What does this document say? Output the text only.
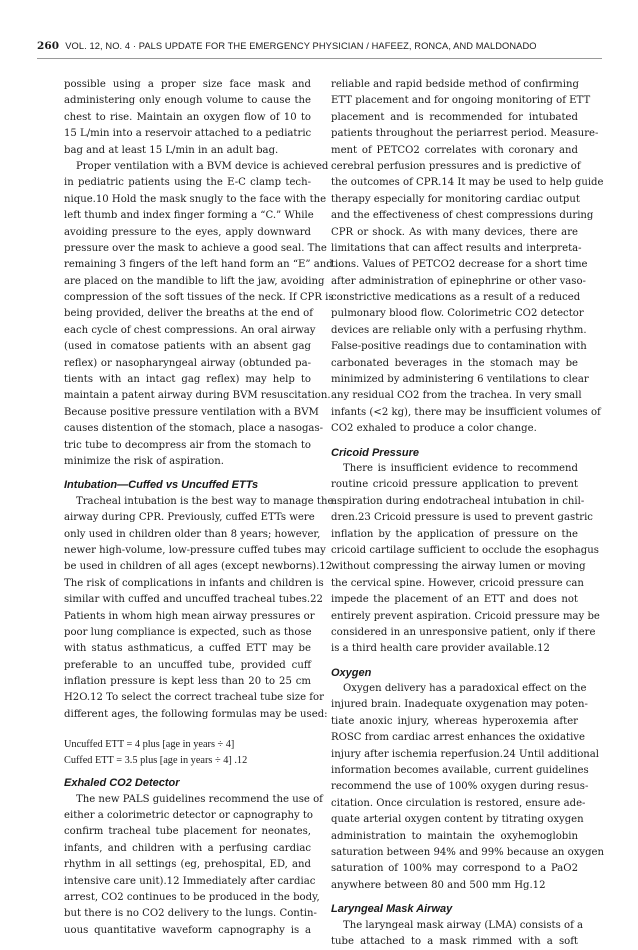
260 VOL. 12, NO. 4 · PALS UPDATE FOR THE EMERGENCY PHYSICIAN / HAFEEZ, RONCA, AND MALDONADO
possible using a proper size face mask and
administering only enough volume to cause the
chest to rise. Maintain an oxygen flow of 10 to
15 L/min into a reservoir attached to a pediatric
bag and at least 15 L/min in an adult bag.
Proper ventilation with a BVM device is achieved
in pediatric patients using the E-C clamp tech-
nique.10 Hold the mask snugly to the face with the
left thumb and index finger forming a “C.” While
avoiding pressure to the eyes, apply downward
pressure over the mask to achieve a good seal. The
remaining 3 fingers of the left hand form an “E” and
are placed on the mandible to lift the jaw, avoiding
compression of the soft tissues of the neck. If CPR is
being provided, deliver the breaths at the end of
each cycle of chest compressions. An oral airway
(used in comatose patients with an absent gag
reflex) or nasopharyngeal airway (obtunded pa-
tients with an intact gag reflex) may help to
maintain a patent airway during BVM resuscitation.
Because positive pressure ventilation with a BVM
causes distention of the stomach, place a nasogas-
tric tube to decompress air from the stomach to
minimize the risk of aspiration.
Intubation—Cuffed vs Uncuffed ETTs
Tracheal intubation is the best way to manage the
airway during CPR. Previously, cuffed ETTs were
only used in children older than 8 years; however,
newer high-volume, low-pressure cuffed tubes may
be used in children of all ages (except newborns).12
The risk of complications in infants and children is
similar with cuffed and uncuffed tracheal tubes.22
Patients in whom high mean airway pressures or
poor lung compliance is expected, such as those
with status asthmaticus, a cuffed ETT may be
preferable to an uncuffed tube, provided cuff
inflation pressure is kept less than 20 to 25 cm
H2O.12 To select the correct tracheal tube size for
different ages, the following formulas may be used:
Uncuffed ETT = 4 plus [age in years ÷ 4]
Cuffed ETT = 3.5 plus [age in years ÷ 4] .12
Exhaled CO2 Detector
The new PALS guidelines recommend the use of
either a colorimetric detector or capnography to
confirm tracheal tube placement for neonates,
infants, and children with a perfusing cardiac
rhythm in all settings (eg, prehospital, ED, and
intensive care unit).12 Immediately after cardiac
arrest, CO2 continues to be produced in the body,
but there is no CO2 delivery to the lungs. Contin-
uous quantitative waveform capnography is a
reliable and rapid bedside method of confirming
ETT placement and for ongoing monitoring of ETT
placement and is recommended for intubated
patients throughout the periarrest period. Measure-
ment of PETCO2 correlates with coronary and
cerebral perfusion pressures and is predictive of
the outcomes of CPR.14 It may be used to help guide
therapy especially for monitoring cardiac output
and the effectiveness of chest compressions during
CPR or shock. As with many devices, there are
limitations that can affect results and interpreta-
tions. Values of PETCO2 decrease for a short time
after administration of epinephrine or other vaso-
constrictive medications as a result of a reduced
pulmonary blood flow. Colorimetric CO2 detector
devices are reliable only with a perfusing rhythm.
False-positive readings due to contamination with
carbonated beverages in the stomach may be
minimized by administering 6 ventilations to clear
any residual CO2 from the trachea. In very small
infants (<2 kg), there may be insufficient volumes of
CO2 exhaled to produce a color change.
Cricoid Pressure
There is insufficient evidence to recommend
routine cricoid pressure application to prevent
aspiration during endotracheal intubation in chil-
dren.23 Cricoid pressure is used to prevent gastric
inflation by the application of pressure on the
cricoid cartilage sufficient to occlude the esophagus
without compressing the airway lumen or moving
the cervical spine. However, cricoid pressure can
impede the placement of an ETT and does not
entirely prevent aspiration. Cricoid pressure may be
considered in an unresponsive patient, only if there
is a third health care provider available.12
Oxygen
Oxygen delivery has a paradoxical effect on the
injured brain. Inadequate oxygenation may poten-
tiate anoxic injury, whereas hyperoxemia after
ROSC from cardiac arrest enhances the oxidative
injury after ischemia reperfusion.24 Until additional
information becomes available, current guidelines
recommend the use of 100% oxygen during resus-
citation. Once circulation is restored, ensure ade-
quate arterial oxygen content by titrating oxygen
administration to maintain the oxyhemoglobin
saturation between 94% and 99% because an oxygen
saturation of 100% may correspond to a PaO2
anywhere between 80 and 500 mm Hg.12
Laryngeal Mask Airway
The laryngeal mask airway (LMA) consists of a
tube attached to a mask rimmed with a soft
